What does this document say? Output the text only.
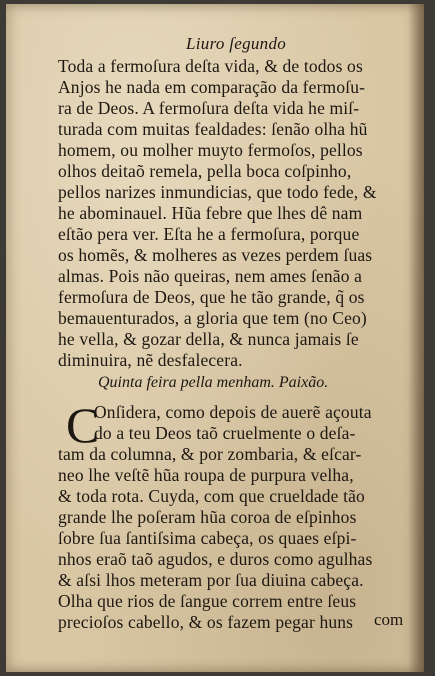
Liuro ſegundo
Toda a fermoſura deſta vida, & de todos os
Anjos he nada em comparação da fermoſu-
ra de Deos. A fermoſura deſta vida he miſ-
turada com muitas fealdades: ſenão olha hũ
homem, ou molher muyto fermoſos, pellos
olhos deitaõ remela, pella boca coſpinho,
pellos narizes inmundicias, que todo fede, &
he abominauel. Hũa febre que lhes dê nam
eſtão pera ver. Eſta he a fermoſura, porque
os homẽs, & molheres as vezes perdem ſuas
almas. Pois não queiras, nem ames ſenão a
fermoſura de Deos, que he tão grande, q̃ os
bemauenturados, a gloria que tem (no Ceo)
he vella, & gozar della, & nunca jamais ſe
diminuira, nẽ desfalecera.
Quinta feira pella menham. Paixão.
C
Onſidera, como depois de auerẽ açouta
do a teu Deos taõ cruelmente o deſa-
tam da columna, & por zombaria, & eſcar-
neo lhe veſtẽ hũa roupa de purpura velha,
& toda rota. Cuyda, com que crueldade tão
grande lhe poſeram hũa coroa de eſpinhos
ſobre ſua ſantiſsima cabeça, os quaes eſpi-
nhos eraõ taõ agudos, e duros como agulhas
& aſsi lhos meteram por ſua diuina cabeça.
Olha que rios de ſangue correm entre ſeus
precioſos cabello, & os fazem pegar huns com
